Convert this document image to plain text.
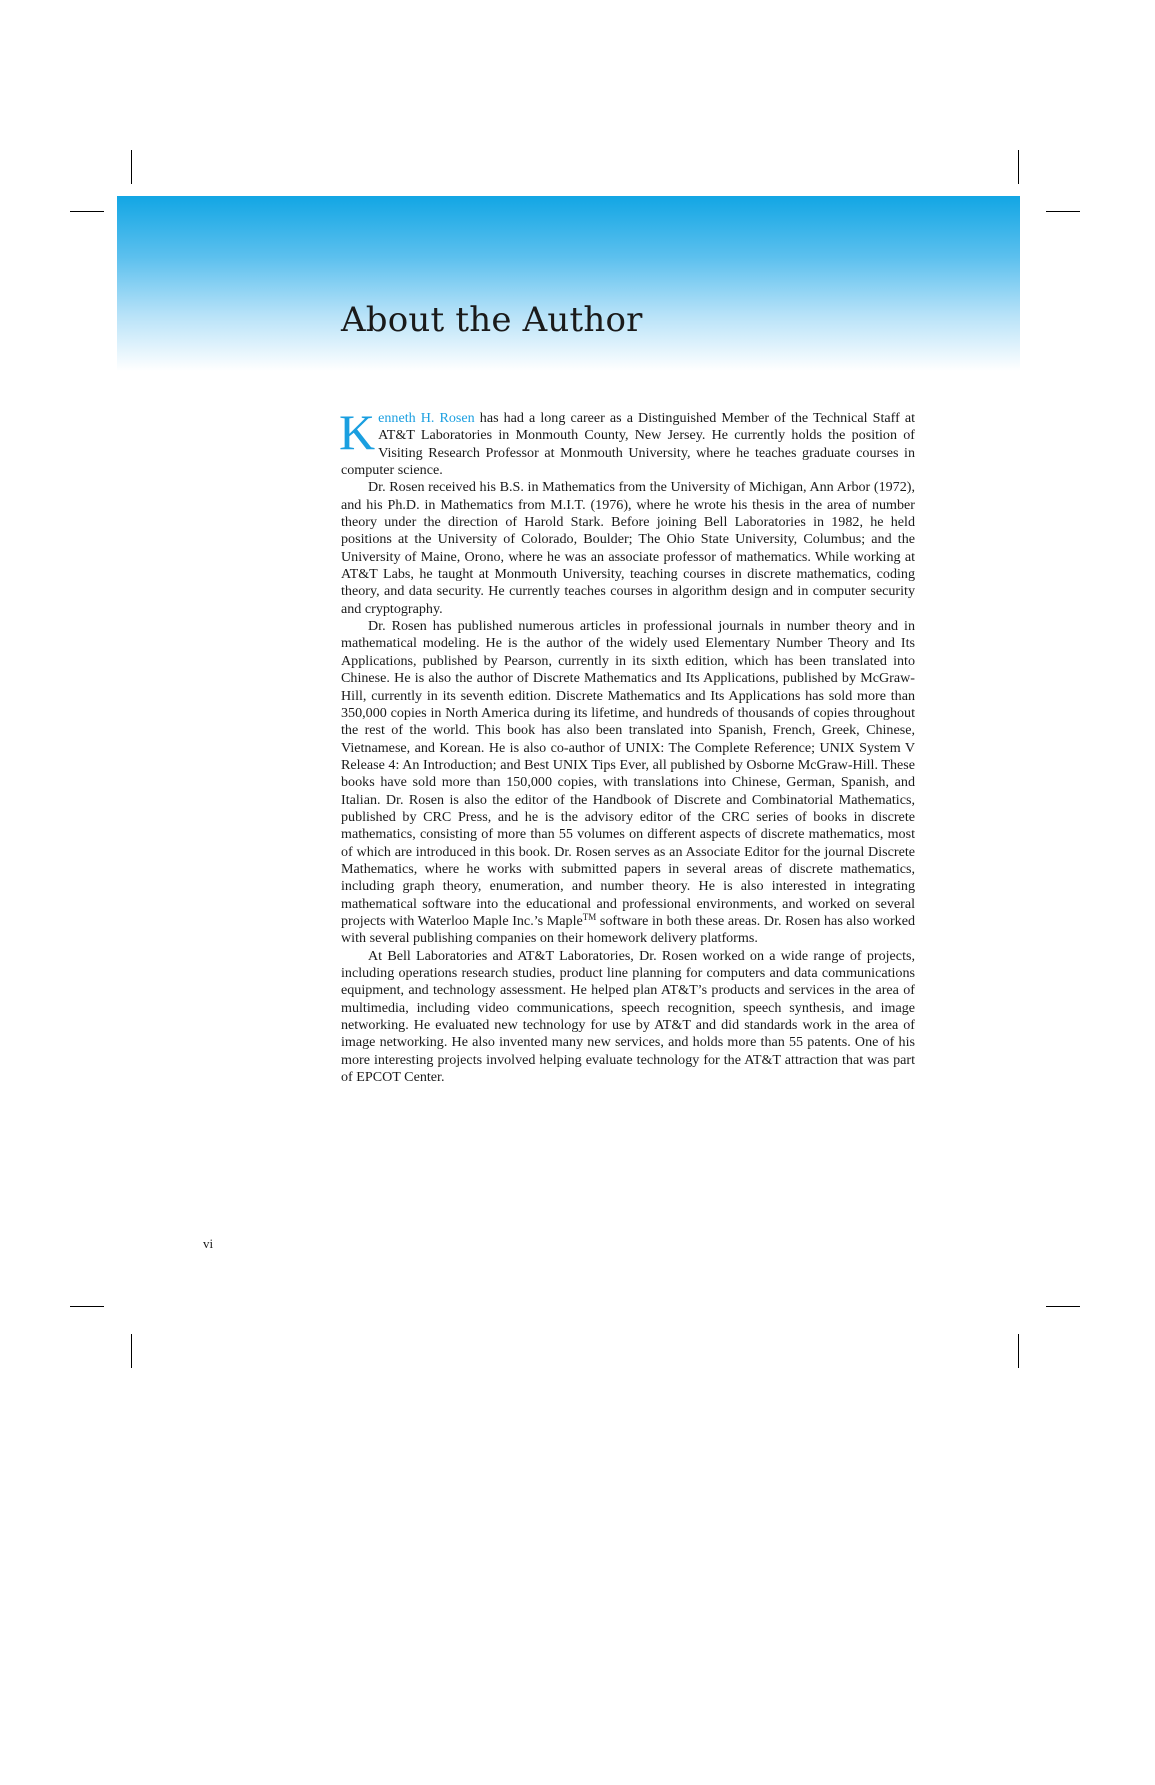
About the Author

Kenneth H. Rosen has had a long career as a Distinguished Member of the Technical Staff at AT&T Laboratories in Monmouth County, New Jersey. He currently holds the position of Visiting Research Professor at Monmouth University, where he teaches graduate courses in computer science.

Dr. Rosen received his B.S. in Mathematics from the University of Michigan, Ann Arbor (1972), and his Ph.D. in Mathematics from M.I.T. (1976), where he wrote his thesis in the area of number theory under the direction of Harold Stark. Before joining Bell Laboratories in 1982, he held positions at the University of Colorado, Boulder; The Ohio State University, Columbus; and the University of Maine, Orono, where he was an associate professor of mathematics. While working at AT&T Labs, he taught at Monmouth University, teaching courses in discrete mathematics, coding theory, and data security. He currently teaches courses in algorithm design and in computer security and cryptography.

Dr. Rosen has published numerous articles in professional journals in number theory and in mathematical modeling. He is the author of the widely used Elementary Number Theory and Its Applications, published by Pearson, currently in its sixth edition, which has been translated into Chinese. He is also the author of Discrete Mathematics and Its Applications, published by McGraw-Hill, currently in its seventh edition. Discrete Mathematics and Its Applications has sold more than 350,000 copies in North America during its lifetime, and hundreds of thousands of copies throughout the rest of the world. This book has also been translated into Spanish, French, Greek, Chinese, Vietnamese, and Korean. He is also co-author of UNIX: The Complete Reference; UNIX System V Release 4: An Introduction; and Best UNIX Tips Ever, all published by Osborne McGraw-Hill. These books have sold more than 150,000 copies, with translations into Chinese, German, Spanish, and Italian. Dr. Rosen is also the editor of the Handbook of Discrete and Combinatorial Mathematics, published by CRC Press, and he is the advisory editor of the CRC series of books in discrete mathematics, consisting of more than 55 volumes on different aspects of discrete mathematics, most of which are introduced in this book. Dr. Rosen serves as an Associate Editor for the journal Discrete Mathematics, where he works with submitted papers in several areas of discrete mathematics, including graph theory, enumeration, and number theory. He is also interested in integrating mathematical software into the educational and professional environments, and worked on several projects with Waterloo Maple Inc.’s Maple™ software in both these areas. Dr. Rosen has also worked with several publishing companies on their homework delivery platforms.

At Bell Laboratories and AT&T Laboratories, Dr. Rosen worked on a wide range of projects, including operations research studies, product line planning for computers and data communications equipment, and technology assessment. He helped plan AT&T’s products and services in the area of multimedia, including video communications, speech recognition, speech synthesis, and image networking. He evaluated new technology for use by AT&T and did standards work in the area of image networking. He also invented many new services, and holds more than 55 patents. One of his more interesting projects involved helping evaluate technology for the AT&T attraction that was part of EPCOT Center.

vi
